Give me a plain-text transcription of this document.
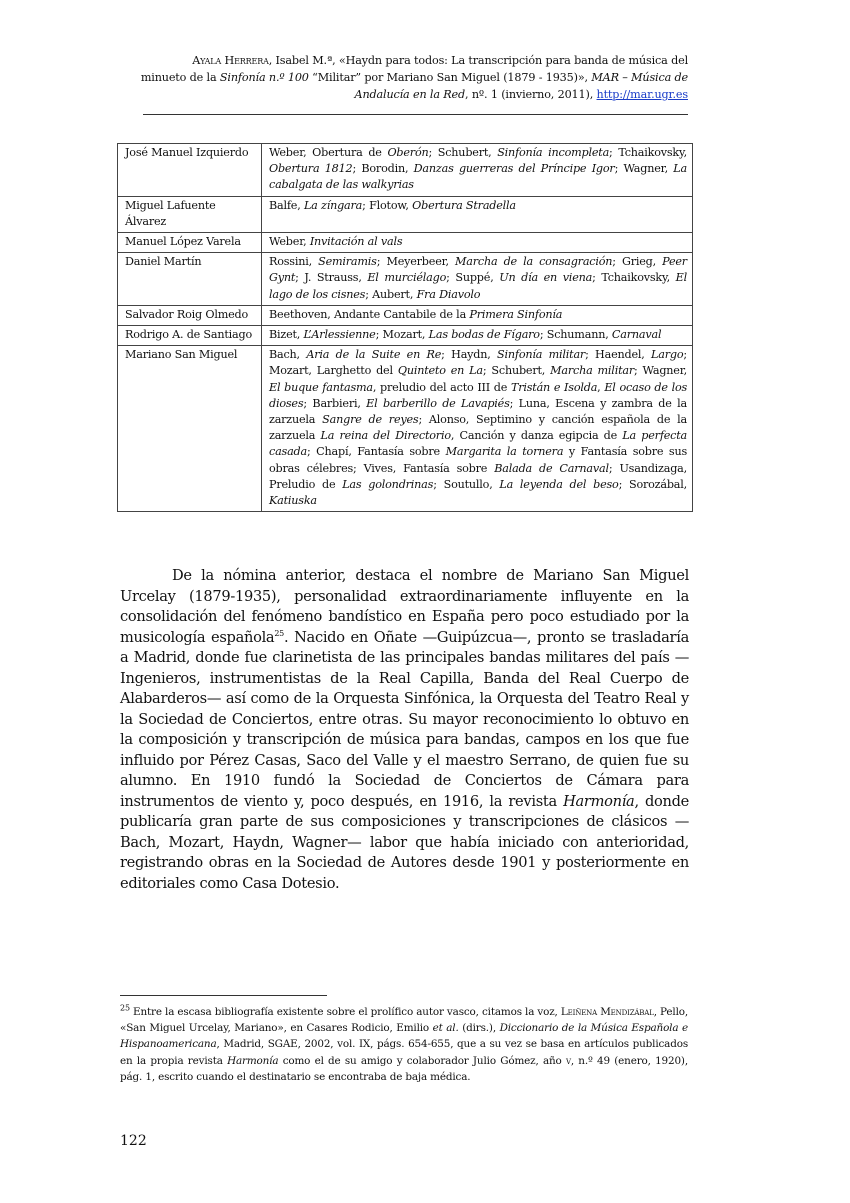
Ayala Herrera, Isabel M.ª, «Haydn para todos: La transcripción para banda de música del
minueto de la Sinfonía n.º 100 “Militar” por Mariano San Miguel (1879 - 1935)», MAR – Música de
Andalucía en la Red, nº. 1 (invierno, 2011), http://mar.ugr.es
José Manuel Izquierdo	Weber, Obertura de Oberón; Schubert, Sinfonía incompleta; Tchaikovsky, Obertura 1812; Borodin, Danzas guerreras del Príncipe Igor; Wagner, La cabalgata de las walkyrias
Miguel Lafuente Álvarez	Balfe, La zíngara; Flotow, Obertura Stradella
Manuel López Varela	Weber, Invitación al vals
Daniel Martín	Rossini, Semiramis; Meyerbeer, Marcha de la consagración; Grieg, Peer Gynt; J. Strauss, El murciélago; Suppé, Un día en viena; Tchaikovsky, El lago de los cisnes; Aubert, Fra Diavolo
Salvador Roig Olmedo	Beethoven, Andante Cantabile de la Primera Sinfonía
Rodrigo A. de Santiago	Bizet, L’Arlessienne; Mozart, Las bodas de Fígaro; Schumann, Carnaval
Mariano San Miguel	Bach, Aria de la Suite en Re; Haydn, Sinfonía militar; Haendel, Largo; Mozart, Larghetto del Quinteto en La; Schubert, Marcha militar; Wagner, El buque fantasma, preludio del acto III de Tristán e Isolda, El ocaso de los dioses; Barbieri, El barberillo de Lavapiés; Luna, Escena y zambra de la zarzuela Sangre de reyes; Alonso, Septimino y canción española de la zarzuela La reina del Directorio, Canción y danza egipcia de La perfecta casada; Chapí, Fantasía sobre Margarita la tornera y Fantasía sobre sus obras célebres; Vives, Fantasía sobre Balada de Carnaval; Usandizaga, Preludio de Las golondrinas; Soutullo, La leyenda del beso; Sorozábal, Katiuska

De la nómina anterior, destaca el nombre de Mariano San Miguel Urcelay (1879-1935), personalidad extraordinariamente influyente en la consolidación del fenómeno bandístico en España pero poco estudiado por la musicología española$^{25}$. Nacido en Oñate —Guipúzcua—, pronto se trasladaría a Madrid, donde fue clarinetista de las principales bandas militares del país —Ingenieros, instrumentistas de la Real Capilla, Banda del Real Cuerpo de Alabarderos— así como de la Orquesta Sinfónica, la Orquesta del Teatro Real y la Sociedad de Conciertos, entre otras. Su mayor reconocimiento lo obtuvo en la composición y transcripción de música para bandas, campos en los que fue influido por Pérez Casas, Saco del Valle y el maestro Serrano, de quien fue su alumno. En 1910 fundó la Sociedad de Conciertos de Cámara para instrumentos de viento y, poco después, en 1916, la revista Harmonía, donde publicaría gran parte de sus composiciones y transcripciones de clásicos —Bach, Mozart, Haydn, Wagner— labor que había iniciado con anterioridad, registrando obras en la Sociedad de Autores desde 1901 y posteriormente en editoriales como Casa Dotesio.

$^{25}$ Entre la escasa bibliografía existente sobre el prolífico autor vasco, citamos la voz, Leiñena Mendizábal, Pello, «San Miguel Urcelay, Mariano», en Casares Rodicio, Emilio et al. (dirs.), Diccionario de la Música Española e Hispanoamericana, Madrid, SGAE, 2002, vol. IX, págs. 654-655, que a su vez se basa en artículos publicados en la propia revista Harmonía como el de su amigo y colaborador Julio Gómez, año v, n.º 49 (enero, 1920), pág. 1, escrito cuando el destinatario se encontraba de baja médica.

122
